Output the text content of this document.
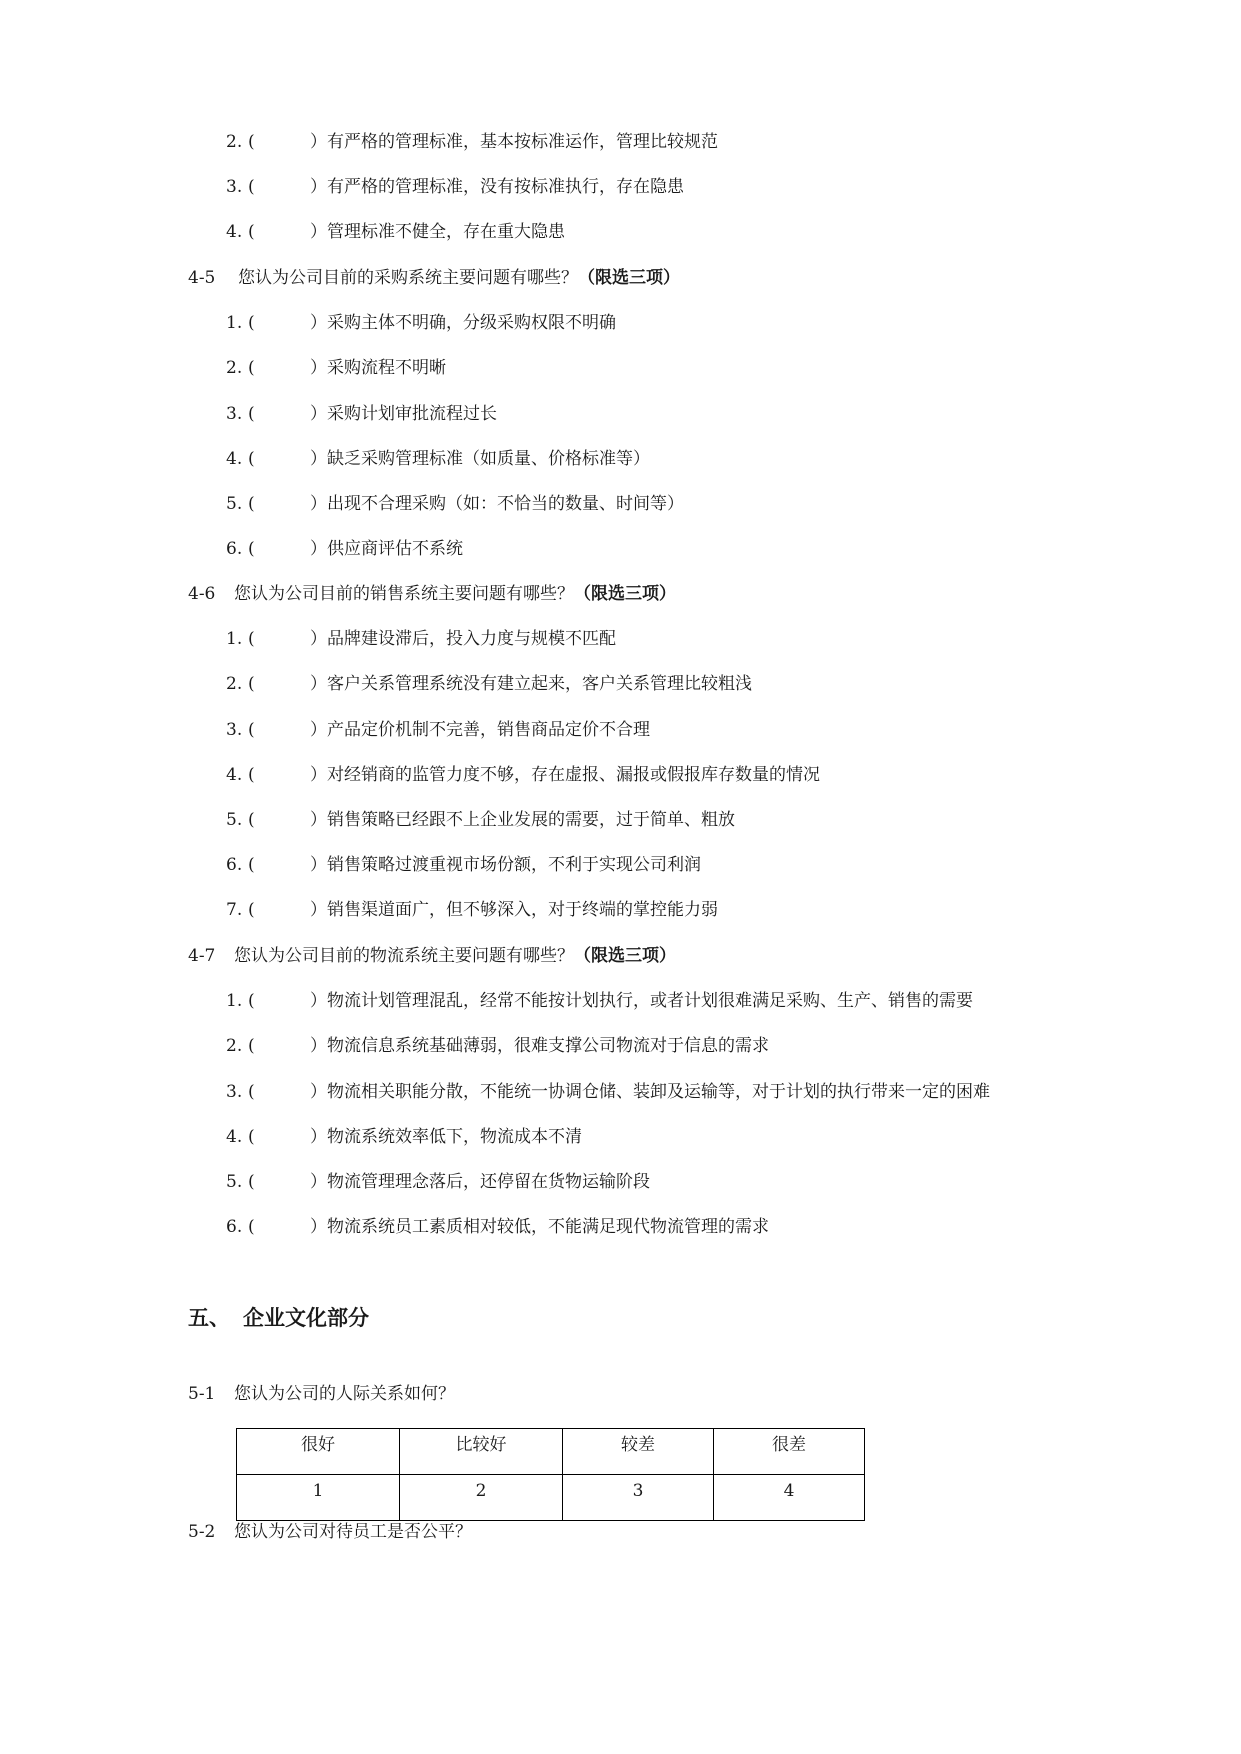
2. (	）有严格的管理标准，基本按标准运作，管理比较规范
3. (	）有严格的管理标准，没有按标准执行，存在隐患
4. (	）管理标准不健全，存在重大隐患
4-5 您认为公司目前的采购系统主要问题有哪些？（限选三项）
1. (	）采购主体不明确，分级采购权限不明确
2. (	）采购流程不明晰
3. (	）采购计划审批流程过长
4. (	）缺乏采购管理标准（如质量、价格标准等）
5. (	）出现不合理采购（如：不恰当的数量、时间等）
6. (	）供应商评估不系统
4-6 您认为公司目前的销售系统主要问题有哪些？（限选三项）
1. (	）品牌建设滞后，投入力度与规模不匹配
2. (	）客户关系管理系统没有建立起来，客户关系管理比较粗浅
3. (	）产品定价机制不完善，销售商品定价不合理
4. (	）对经销商的监管力度不够，存在虚报、漏报或假报库存数量的情况
5. (	）销售策略已经跟不上企业发展的需要，过于简单、粗放
6. (	）销售策略过渡重视市场份额，不利于实现公司利润
7. (	）销售渠道面广，但不够深入，对于终端的掌控能力弱
4-7 您认为公司目前的物流系统主要问题有哪些？（限选三项）
1. (	）物流计划管理混乱，经常不能按计划执行，或者计划很难满足采购、生产、销售的需要
2. (	）物流信息系统基础薄弱，很难支撑公司物流对于信息的需求
3. (	）物流相关职能分散，不能统一协调仓储、装卸及运输等，对于计划的执行带来一定的困难
4. (	）物流系统效率低下，物流成本不清
5. (	）物流管理理念落后，还停留在货物运输阶段
6. (	）物流系统员工素质相对较低，不能满足现代物流管理的需求
五、 企业文化部分
5-1 您认为公司的人际关系如何？
很好	比较好	较差	很差
1	2	3	4
5-2 您认为公司对待员工是否公平？
